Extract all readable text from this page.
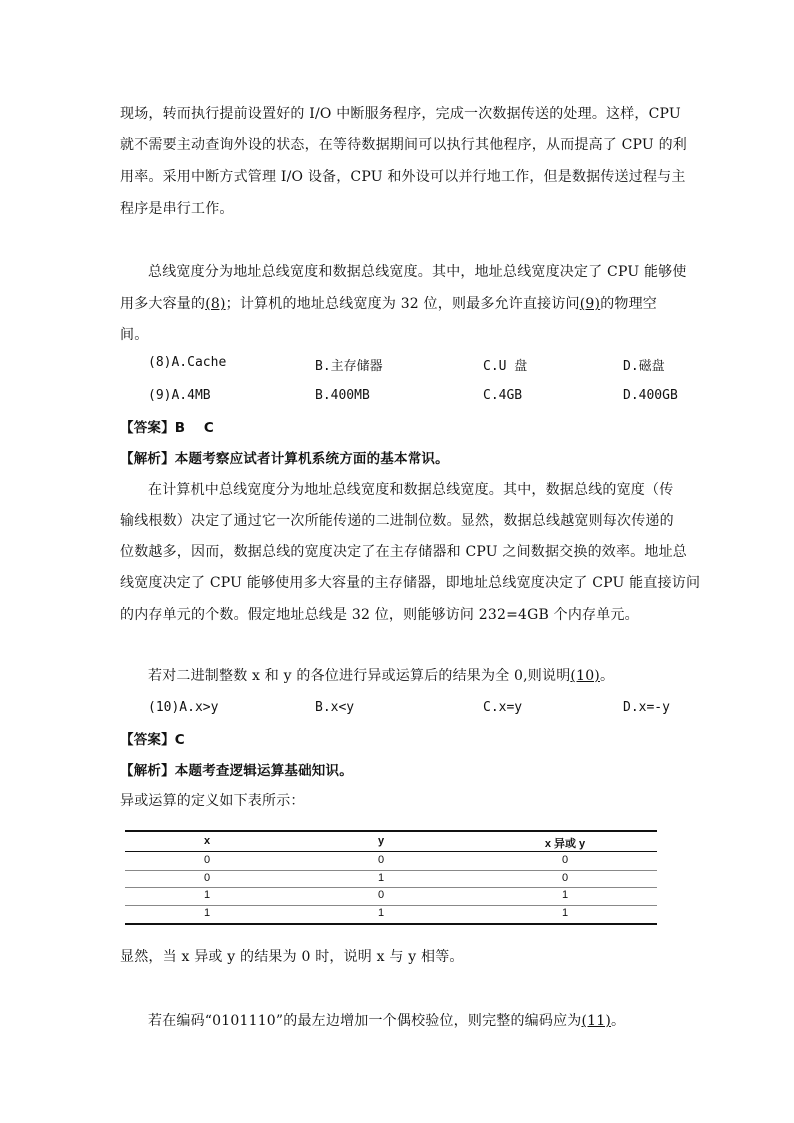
现场，转而执行提前设置好的 I/O 中断服务程序，完成一次数据传送的处理。这样，CPU
就不需要主动查询外设的状态，在等待数据期间可以执行其他程序，从而提高了 CPU 的利
用率。采用中断方式管理 I/O 设备，CPU 和外设可以并行地工作，但是数据传送过程与主
程序是串行工作。
总线宽度分为地址总线宽度和数据总线宽度。其中，地址总线宽度决定了 CPU 能够使
用多大容量的(8)；计算机的地址总线宽度为 32 位，则最多允许直接访问(9)的物理空
间。
(8)A.Cache	B.主存储器	C.U 盘	D.磁盘
(9)A.4MB	B.400MB	C.4GB	D.400GB
【答案】B　 C
【解析】本题考察应试者计算机系统方面的基本常识。
在计算机中总线宽度分为地址总线宽度和数据总线宽度。其中，数据总线的宽度（传
输线根数）决定了通过它一次所能传递的二进制位数。显然，数据总线越宽则每次传递的
位数越多，因而，数据总线的宽度决定了在主存储器和 CPU 之间数据交换的效率。地址总
线宽度决定了 CPU 能够使用多大容量的主存储器，即地址总线宽度决定了 CPU 能直接访问
的内存单元的个数。假定地址总线是 32 位，则能够访问 232=4GB 个内存单元。
若对二进制整数 x 和 y 的各位进行异或运算后的结果为全 0,则说明(10)。
(10)A.x>y	B.x<y	C.x=y	D.x=-y
【答案】C
【解析】本题考查逻辑运算基础知识。
异或运算的定义如下表所示：
x	y	x 异或 y
0	0	0
0	1	0
1	0	1
1	1	1
显然，当 x 异或 y 的结果为 0 时，说明 x 与 y 相等。
若在编码“0101110”的最左边增加一个偶校验位，则完整的编码应为(11)。
